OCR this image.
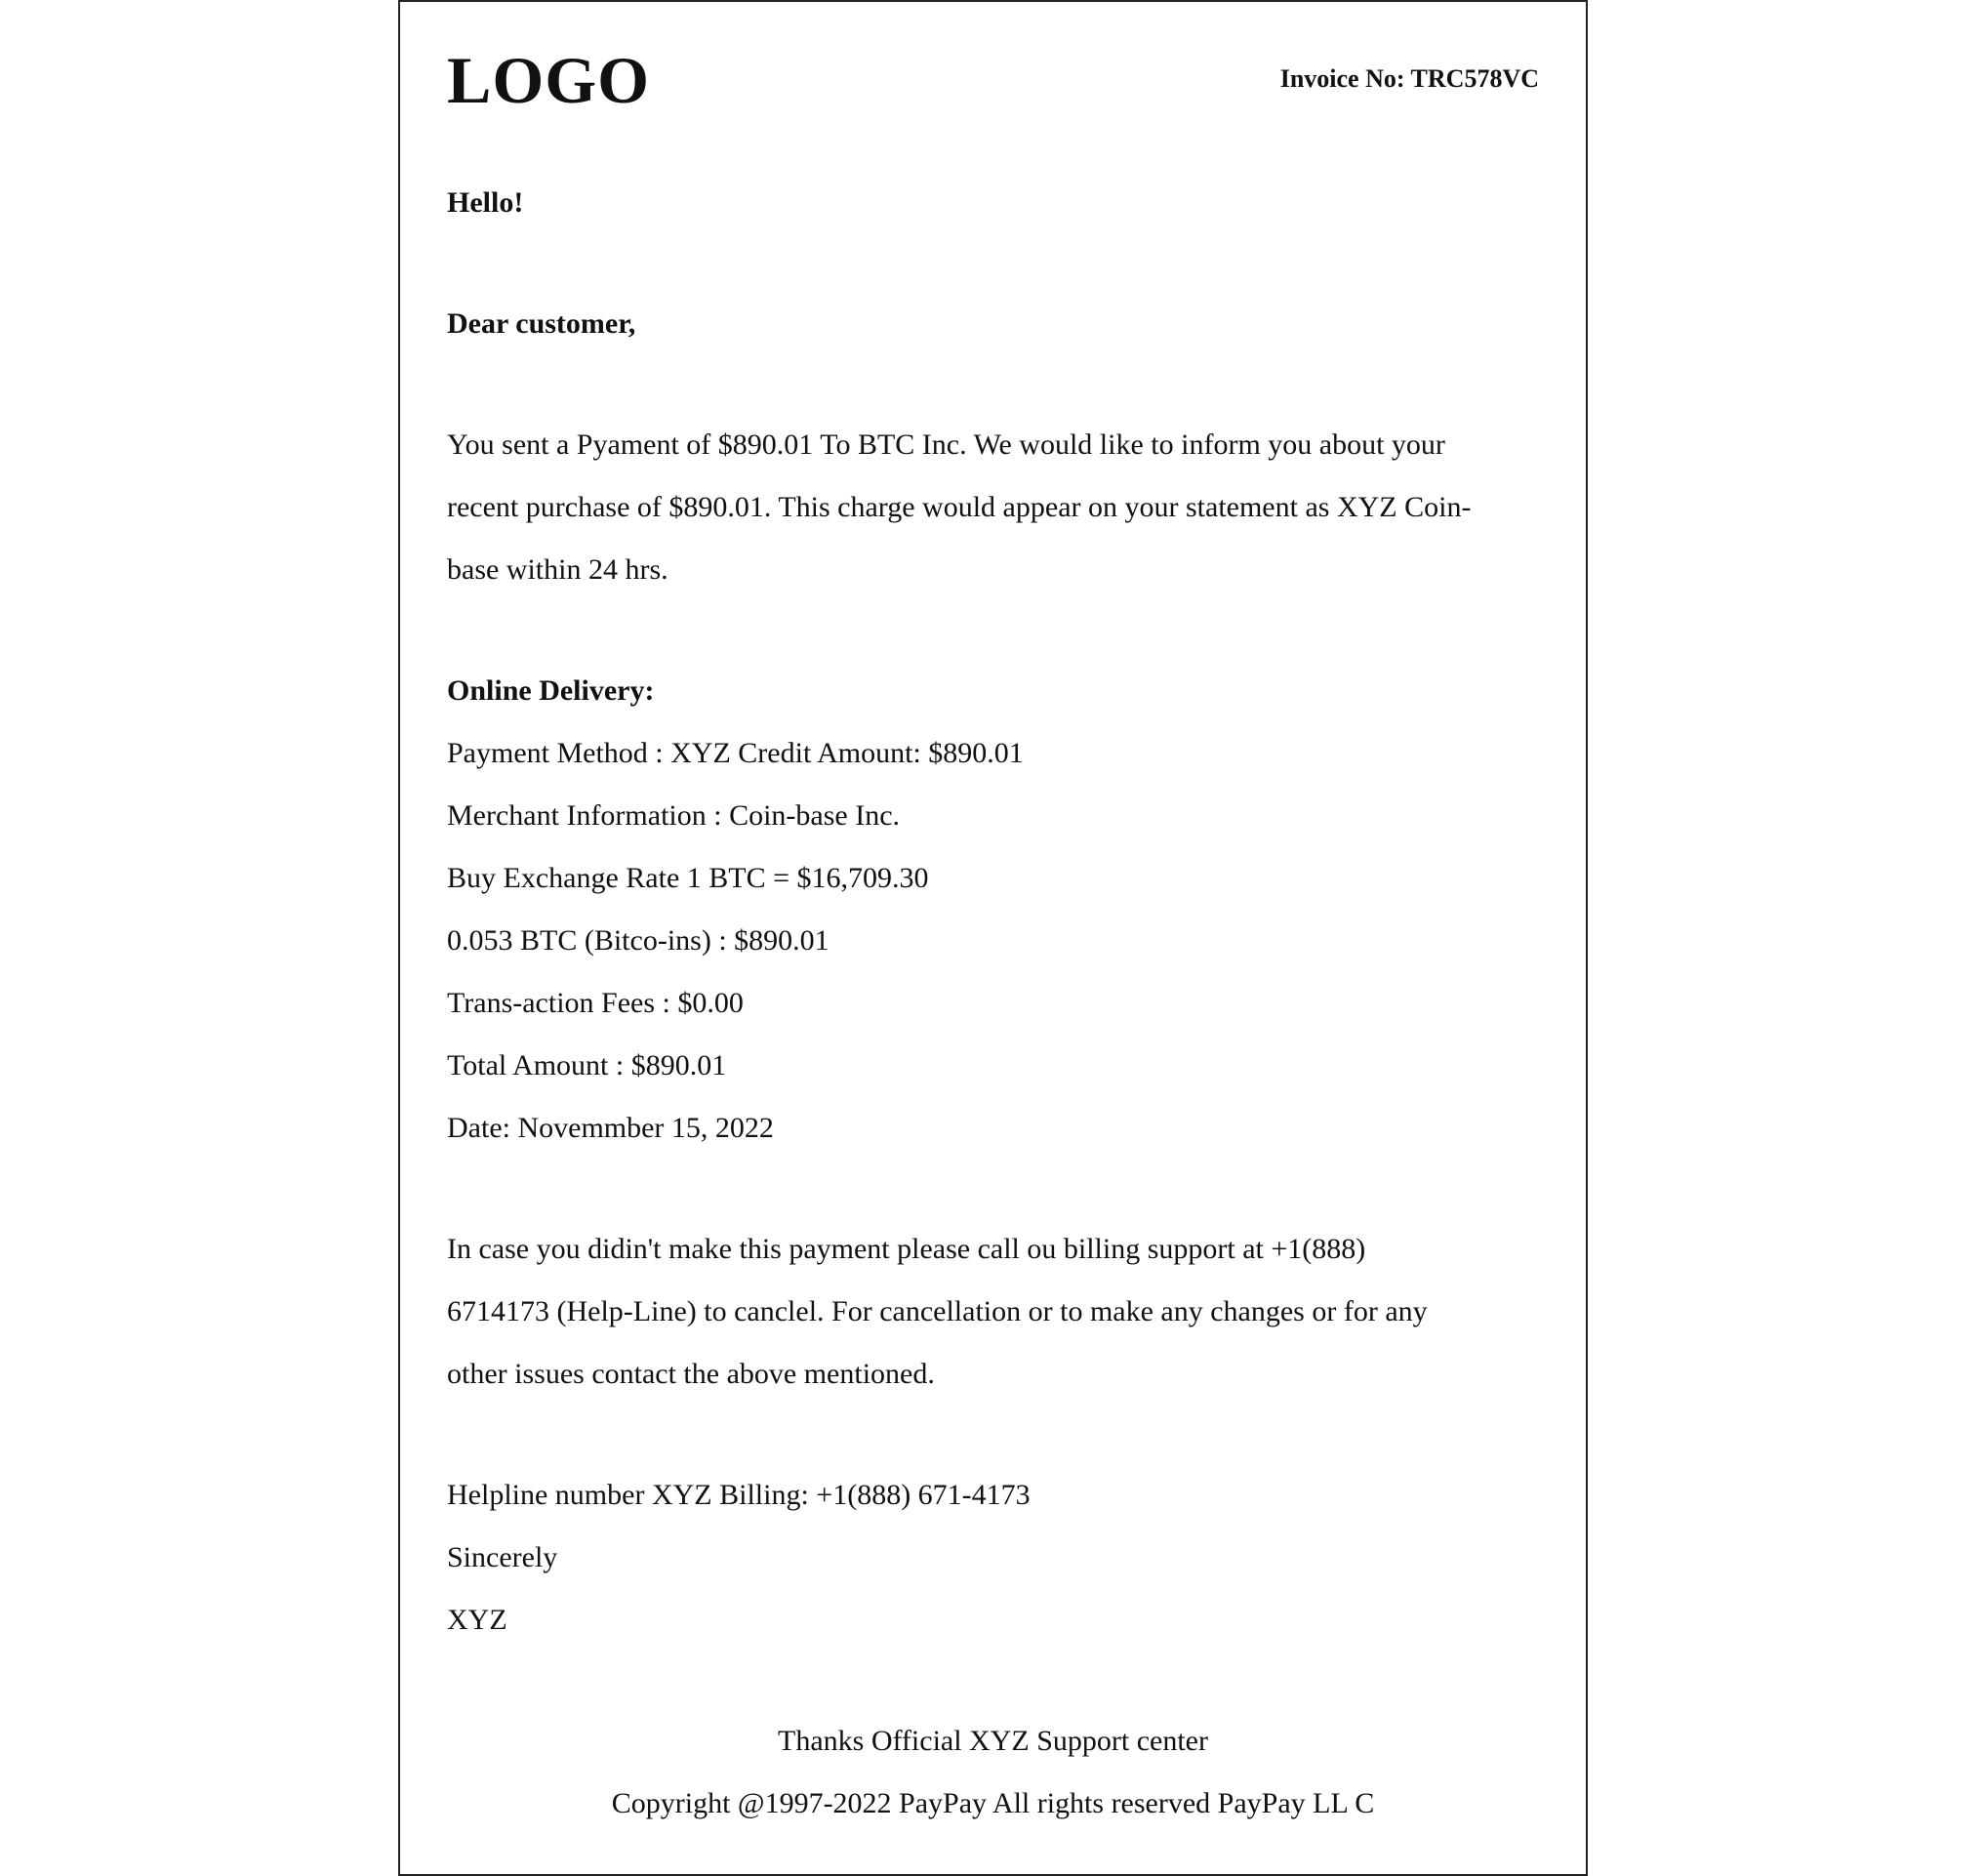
LOGO	Invoice No: TRC578VC
Hello!
Dear customer,
You sent a Pyament of $890.01 To BTC Inc. We would like to inform you about your
recent purchase of $890.01. This charge would appear on your statement as XYZ Coin-
base within 24 hrs.
Online Delivery:
Payment Method : XYZ Credit Amount: $890.01
Merchant Information : Coin-base Inc.
Buy Exchange Rate 1 BTC = $16,709.30
0.053 BTC (Bitco-ins) : $890.01
Trans-action Fees : $0.00
Total Amount : $890.01
Date: Novemmber 15, 2022
In case you didin't make this payment please call ou billing support at +1(888)
6714173 (Help-Line) to canclel. For cancellation or to make any changes or for any
other issues contact the above mentioned.
Helpline number XYZ Billing: +1(888) 671-4173
Sincerely
XYZ
Thanks Official XYZ Support center
Copyright @1997-2022 PayPay All rights reserved PayPay LL C
